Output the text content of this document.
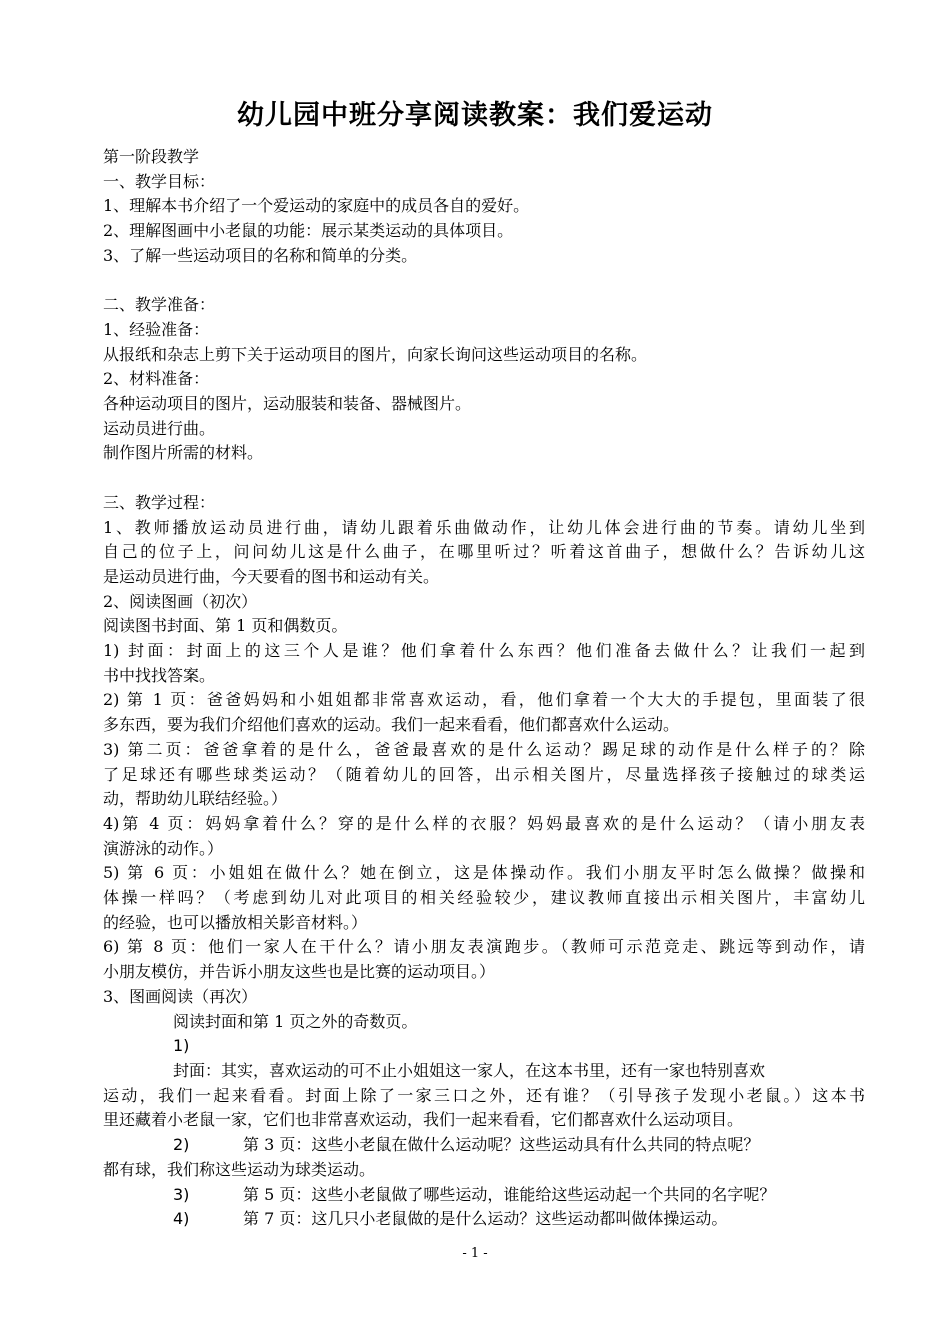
幼儿园中班分享阅读教案：我们爱运动
第一阶段教学
一、教学目标：
1、理解本书介绍了一个爱运动的家庭中的成员各自的爱好。
2、理解图画中小老鼠的功能：展示某类运动的具体项目。
3、了解一些运动项目的名称和简单的分类。
二、教学准备：
1、经验准备：
从报纸和杂志上剪下关于运动项目的图片，向家长询问这些运动项目的名称。
2、材料准备：
各种运动项目的图片，运动服装和装备、器械图片。
运动员进行曲。
制作图片所需的材料。
三、教学过程：
1、教师播放运动员进行曲，请幼儿跟着乐曲做动作，让幼儿体会进行曲的节奏。请幼儿坐到
自己的位子上，问问幼儿这是什么曲子，在哪里听过？听着这首曲子，想做什么？告诉幼儿这
是运动员进行曲，今天要看的图书和运动有关。
2、阅读图画（初次）
阅读图书封面、第 1 页和偶数页。
1) 封面：封面上的这三个人是谁？他们拿着什么东西？他们准备去做什么？让我们一起到
书中找找答案。
2) 第 1 页：爸爸妈妈和小姐姐都非常喜欢运动，看，他们拿着一个大大的手提包，里面装了很
多东西，要为我们介绍他们喜欢的运动。我们一起来看看，他们都喜欢什么运动。
3) 第二页：爸爸拿着的是什么，爸爸最喜欢的是什么运动？踢足球的动作是什么样子的？除
了足球还有哪些球类运动？（随着幼儿的回答，出示相关图片，尽量选择孩子接触过的球类运
动，帮助幼儿联结经验。）
4)第 4 页：妈妈拿着什么？穿的是什么样的衣服？妈妈最喜欢的是什么运动？（请小朋友表
演游泳的动作。）
5) 第 6 页：小姐姐在做什么？她在倒立，这是体操动作。我们小朋友平时怎么做操？做操和
体操一样吗？（考虑到幼儿对此项目的相关经验较少，建议教师直接出示相关图片，丰富幼儿
的经验，也可以播放相关影音材料。）
6) 第 8 页：他们一家人在干什么？请小朋友表演跑步。（教师可示范竞走、跳远等到动作，请
小朋友模仿，并告诉小朋友这些也是比赛的运动项目。）
3、图画阅读（再次）
阅读封面和第 1 页之外的奇数页。
1)
封面：其实，喜欢运动的可不止小姐姐这一家人，在这本书里，还有一家也特别喜欢
运动，我们一起来看看。封面上除了一家三口之外，还有谁？（引导孩子发现小老鼠。）这本书
里还藏着小老鼠一家，它们也非常喜欢运动，我们一起来看看，它们都喜欢什么运动项目。
2)	第 3 页：这些小老鼠在做什么运动呢？这些运动具有什么共同的特点呢？
都有球，我们称这些运动为球类运动。
3)	第 5 页：这些小老鼠做了哪些运动，谁能给这些运动起一个共同的名字呢？
4)	第 7 页：这几只小老鼠做的是什么运动？这些运动都叫做体操运动。
- 1 -
